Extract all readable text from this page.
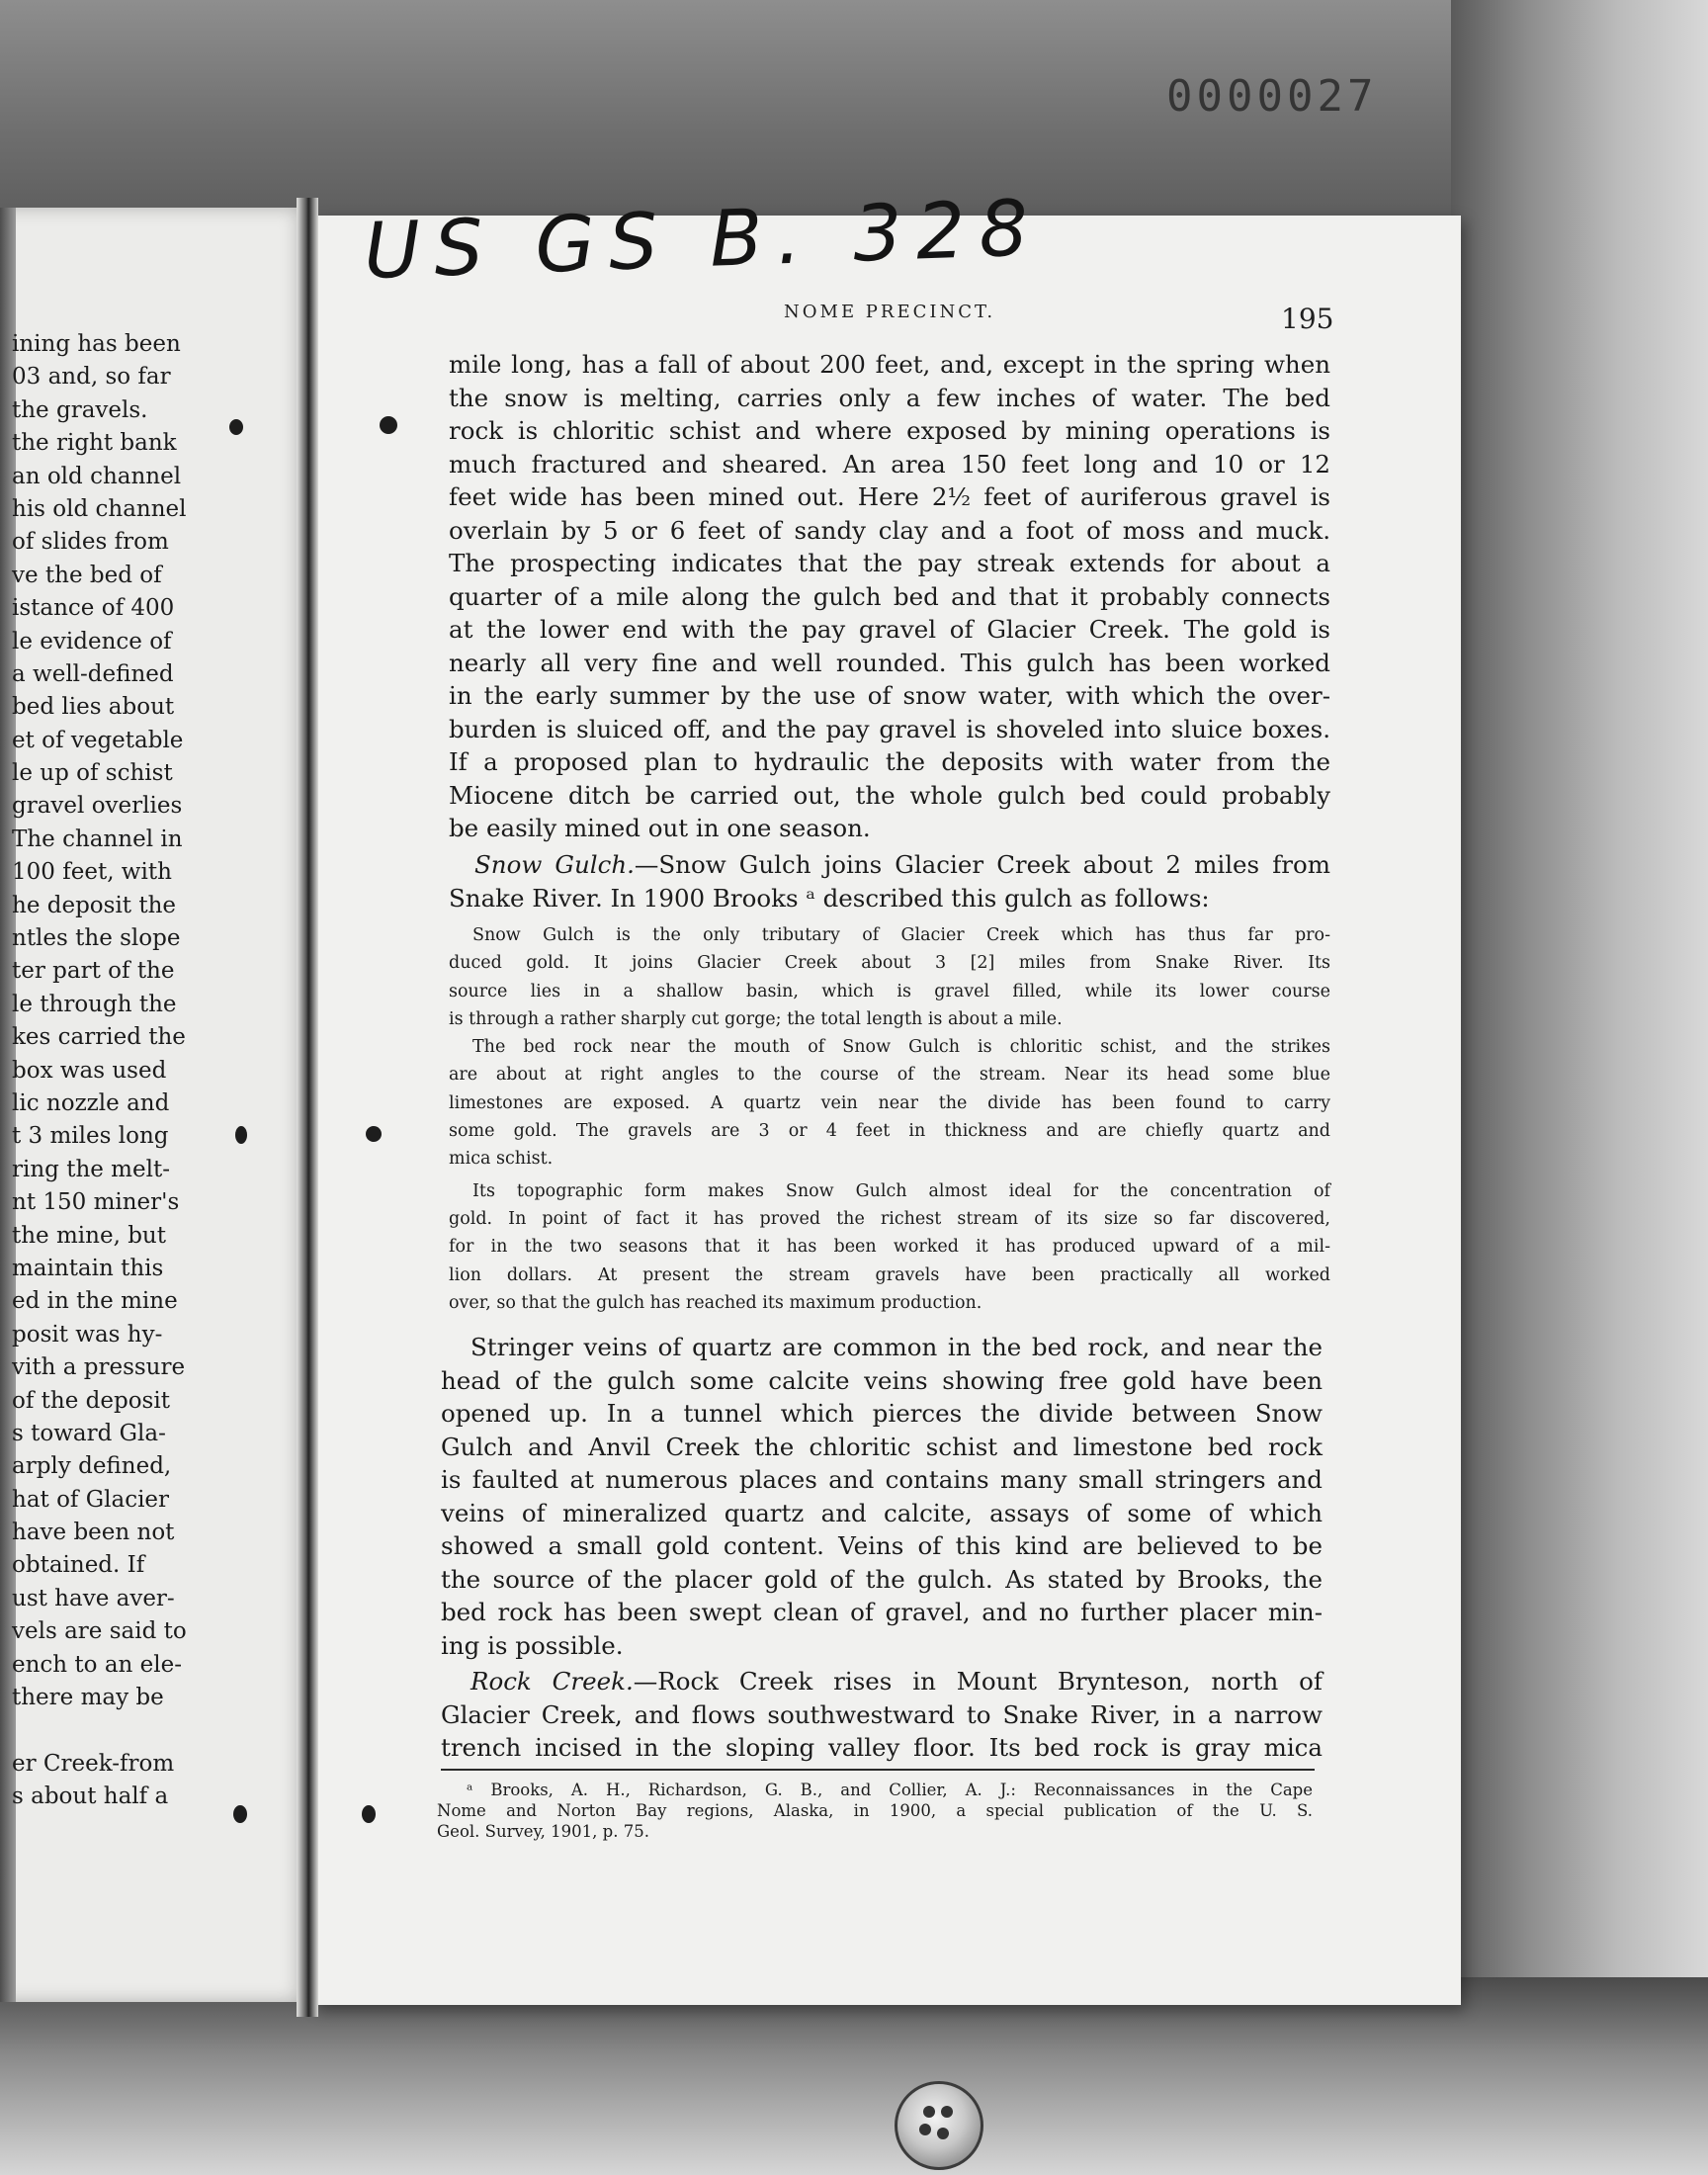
0000027
ining has been
03 and, so far
the gravels.
the right bank
an old channel
his old channel
of slides from
ve the bed of
istance of 400
le evidence of
a well-defined
bed lies about
et of vegetable
le up of schist
gravel overlies
The channel in
100 feet, with
he deposit the
ntles the slope
ter part of the
le through the
kes carried the
box was used
lic nozzle and
t 3 miles long
ring the melt-
nt 150 miner's
the mine, but
maintain this
ed in the mine
posit was hy-
vith a pressure
of the deposit
s toward Gla-
arply defined,
hat of Glacier
have been not
obtained. If
ust have aver-
vels are said to
ench to an ele-
there may be
er Creek-from
s about half a
US GS B. 328
NOME PRECINCT.	195
mile long, has a fall of about 200 feet, and, except in the spring when
the snow is melting, carries only a few inches of water. The bed
rock is chloritic schist and where exposed by mining operations is
much fractured and sheared. An area 150 feet long and 10 or 12
feet wide has been mined out. Here 2½ feet of auriferous gravel is
overlain by 5 or 6 feet of sandy clay and a foot of moss and muck.
The prospecting indicates that the pay streak extends for about a
quarter of a mile along the gulch bed and that it probably connects
at the lower end with the pay gravel of Glacier Creek. The gold is
nearly all very fine and well rounded. This gulch has been worked
in the early summer by the use of snow water, with which the over-
burden is sluiced off, and the pay gravel is shoveled into sluice boxes.
If a proposed plan to hydraulic the deposits with water from the
Miocene ditch be carried out, the whole gulch bed could probably
be easily mined out in one season.
Snow Gulch.—Snow Gulch joins Glacier Creek about 2 miles from
Snake River. In 1900 Brooks ᵃ described this gulch as follows:
Snow Gulch is the only tributary of Glacier Creek which has thus far pro-
duced gold. It joins Glacier Creek about 3 [2] miles from Snake River. Its
source lies in a shallow basin, which is gravel filled, while its lower course
is through a rather sharply cut gorge; the total length is about a mile.
The bed rock near the mouth of Snow Gulch is chloritic schist, and the strikes
are about at right angles to the course of the stream. Near its head some blue
limestones are exposed. A quartz vein near the divide has been found to carry
some gold. The gravels are 3 or 4 feet in thickness and are chiefly quartz and
mica schist.
Its topographic form makes Snow Gulch almost ideal for the concentration of
gold. In point of fact it has proved the richest stream of its size so far discovered,
for in the two seasons that it has been worked it has produced upward of a mil-
lion dollars. At present the stream gravels have been practically all worked
over, so that the gulch has reached its maximum production.
Stringer veins of quartz are common in the bed rock, and near the
head of the gulch some calcite veins showing free gold have been
opened up. In a tunnel which pierces the divide between Snow
Gulch and Anvil Creek the chloritic schist and limestone bed rock
is faulted at numerous places and contains many small stringers and
veins of mineralized quartz and calcite, assays of some of which
showed a small gold content. Veins of this kind are believed to be
the source of the placer gold of the gulch. As stated by Brooks, the
bed rock has been swept clean of gravel, and no further placer min-
ing is possible.
Rock Creek.—Rock Creek rises in Mount Brynteson, north of
Glacier Creek, and flows southwestward to Snake River, in a narrow
trench incised in the sloping valley floor. Its bed rock is gray mica
ᵃ Brooks, A. H., Richardson, G. B., and Collier, A. J.: Reconnaissances in the Cape
Nome and Norton Bay regions, Alaska, in 1900, a special publication of the U. S.
Geol. Survey, 1901, p. 75.
